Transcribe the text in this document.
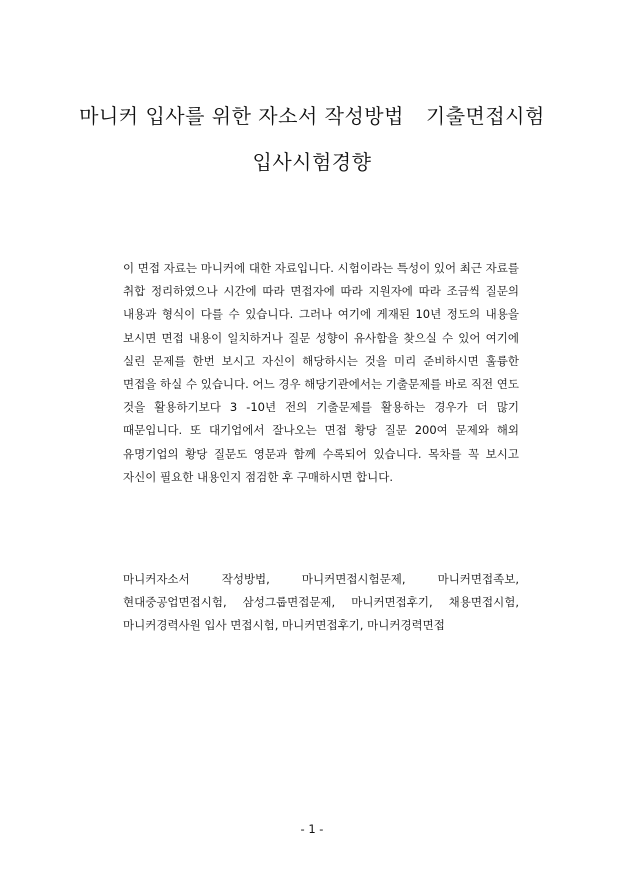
마니커 입사를 위한 자소서 작성방법 기출면접시험
입사시험경향

이 면접 자료는 마니커에 대한 자료입니다. 시험이라는 특성이 있어 최근 자료를 취합 정리하였으나 시간에 따라 면접자에 따라 지원자에 따라 조금씩 질문의 내용과 형식이 다를 수 있습니다. 그러나 여기에 게재된 10년 정도의 내용을 보시면 면접 내용이 일치하거나 질문 성향이 유사함을 찾으실 수 있어 여기에 실린 문제를 한번 보시고 자신이 해당하시는 것을 미리 준비하시면 훌륭한 면접을 하실 수 있습니다. 어느 경우 해당기관에서는 기출문제를 바로 직전 연도 것을 활용하기보다 3 -10년 전의 기출문제를 활용하는 경우가 더 많기 때문입니다. 또 대기업에서 잘나오는 면접 황당 질문 200여 문제와 해외 유명기업의 황당 질문도 영문과 함께 수록되어 있습니다. 목차를 꼭 보시고 자신이 필요한 내용인지 점검한 후 구매하시면 합니다.

마니커자소서 작성방법, 마니커면접시험문제, 마니커면접족보, 현대중공업면접시험, 삼성그룹면접문제, 마니커면접후기, 채용면접시험, 마니커경력사원 입사 면접시험, 마니커면접후기, 마니커경력면접

- 1 -
